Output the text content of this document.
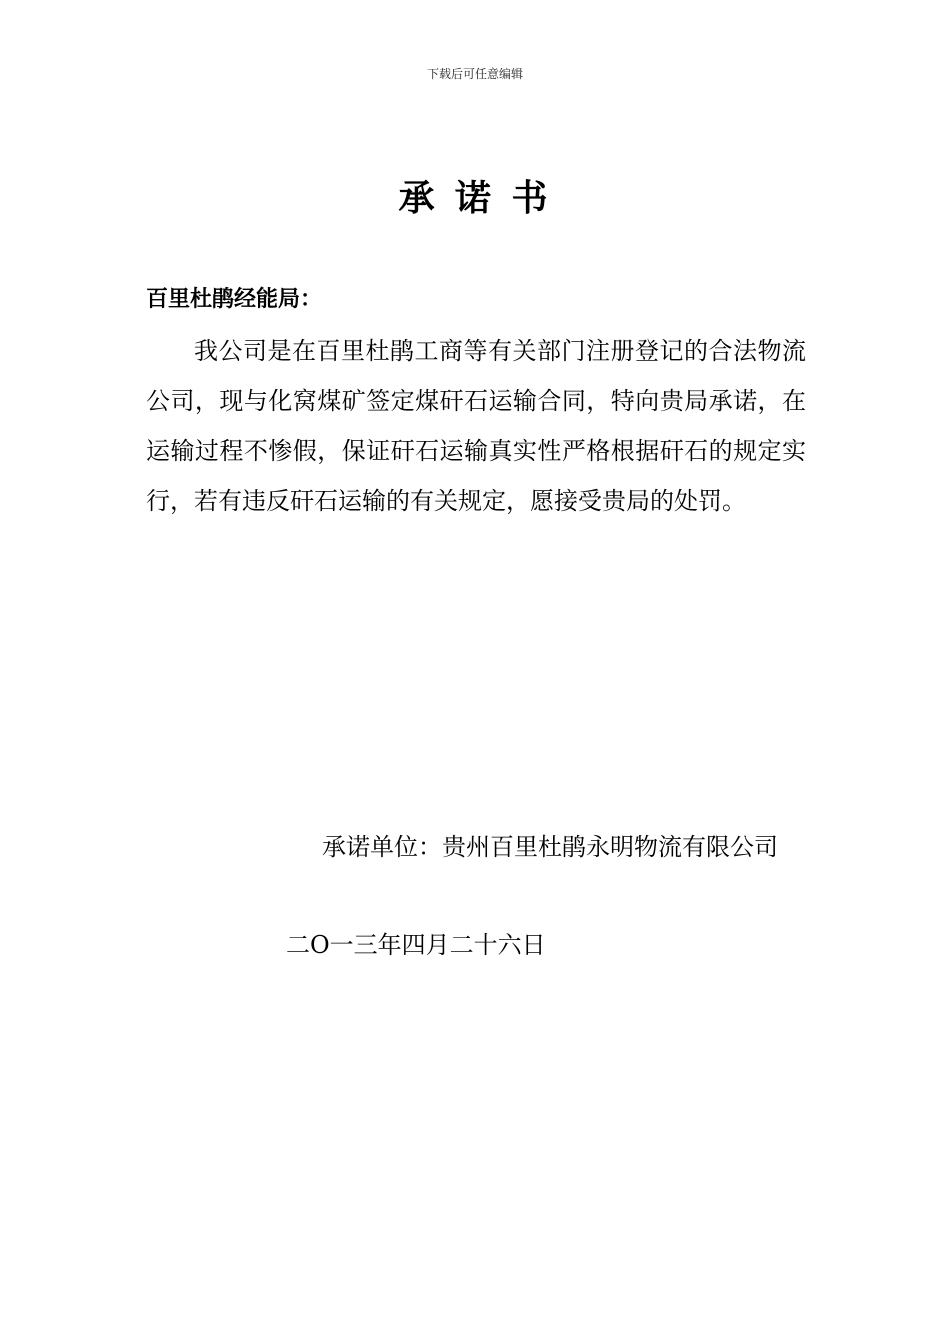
下载后可任意编辑
承 诺 书
百里杜鹃经能局：

我公司是在百里杜鹃工商等有关部门注册登记的合法物流公司，现与化窝煤矿签定煤矸石运输合同，特向贵局承诺，在运输过程不惨假，保证矸石运输真实性严格根据矸石的规定实行，若有违反矸石运输的有关规定，愿接受贵局的处罚。

承诺单位：贵州百里杜鹃永明物流有限公司

二O一三年四月二十六日
